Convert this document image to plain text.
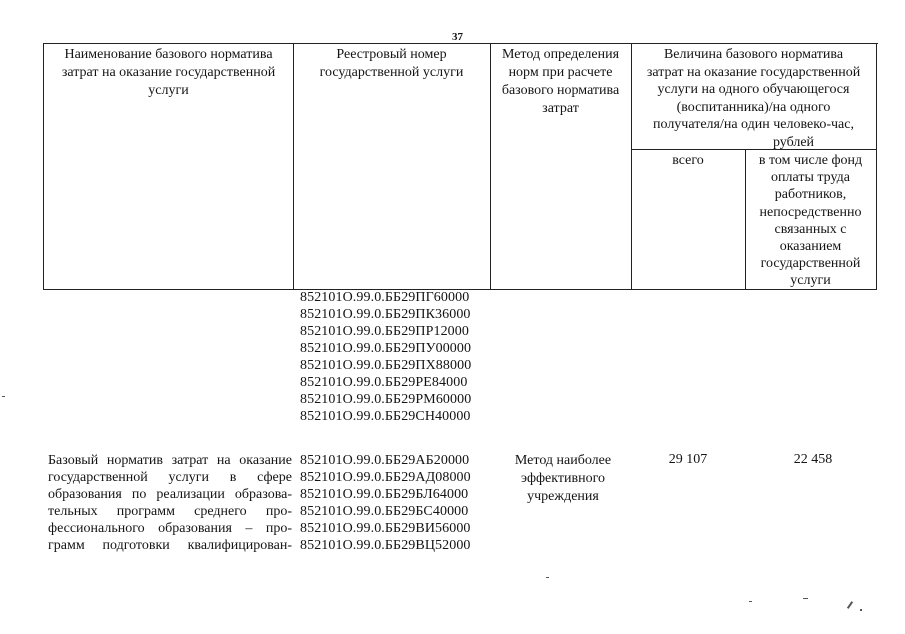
37
Наименование базового норматива
затрат на оказание государственной
услуги
Реестровый номер
государственной услуги
Метод определения
норм при расчете
базового норматива
затрат
Величина базового норматива
затрат на оказание государственной
услуги на одного обучающегося
(воспитанника)/на одного
получателя/на один человеко-час,
рублей
всего	в том числе фонд
оплаты труда
работников,
непосредственно
связанных с
оказанием
государственной
услуги
852101О.99.0.ББ29ПГ60000
852101О.99.0.ББ29ПК36000
852101О.99.0.ББ29ПР12000
852101О.99.0.ББ29ПУ00000
852101О.99.0.ББ29ПХ88000
852101О.99.0.ББ29РЕ84000
852101О.99.0.ББ29РМ60000
852101О.99.0.ББ29СН40000
Базовый норматив затрат на оказание
государственной услуги в сфере
образования по реализации образова-
тельных программ среднего про-
фессионального образования – про-
грамм подготовки квалифицирован-
852101О.99.0.ББ29АБ20000
852101О.99.0.ББ29АД08000
852101О.99.0.ББ29БЛ64000
852101О.99.0.ББ29БС40000
852101О.99.0.ББ29ВИ56000
852101О.99.0.ББ29ВЦ52000
Метод наиболее
эффективного
учреждения
29 107	22 458
